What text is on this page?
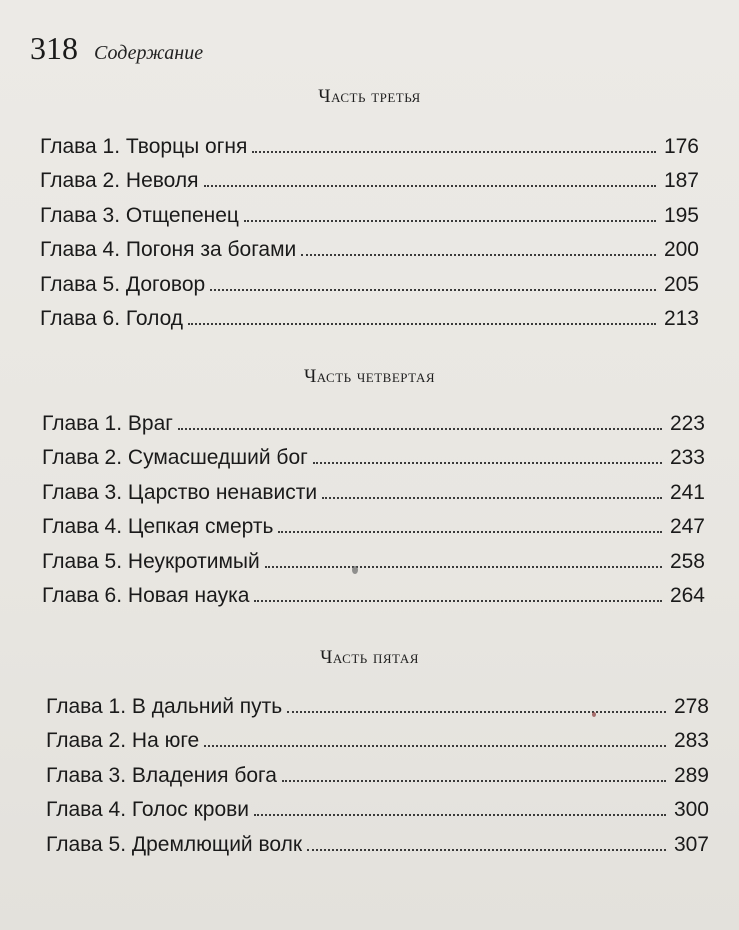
318 Содержание
Часть третья
Глава 1. Творцы огня	176
Глава 2. Неволя	187
Глава 3. Отщепенец	195
Глава 4. Погоня за богами	200
Глава 5. Договор	205
Глава 6. Голод	213
Часть четвертая
Глава 1. Враг	223
Глава 2. Сумасшедший бог	233
Глава 3. Царство ненависти	241
Глава 4. Цепкая смерть	247
Глава 5. Неукротимый	258
Глава 6. Новая наука	264
Часть пятая
Глава 1. В дальний путь	278
Глава 2. На юге	283
Глава 3. Владения бога	289
Глава 4. Голос крови	300
Глава 5. Дремлющий волк	307
